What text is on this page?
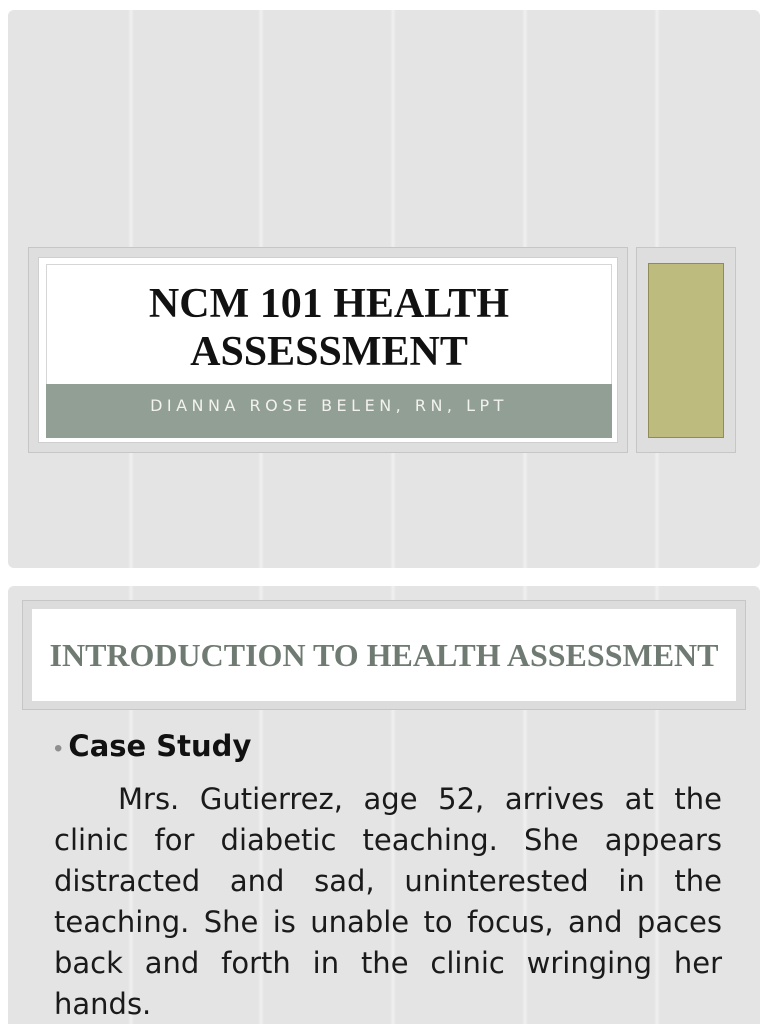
NCM 101 HEALTH ASSESSMENT
DIANNA ROSE BELEN, RN, LPT
INTRODUCTION TO HEALTH ASSESSMENT
• Case Study

Mrs. Gutierrez, age 52, arrives at the clinic for diabetic teaching. She appears distracted and sad, uninterested in the teaching. She is unable to focus, and paces back and forth in the clinic wringing her hands.
